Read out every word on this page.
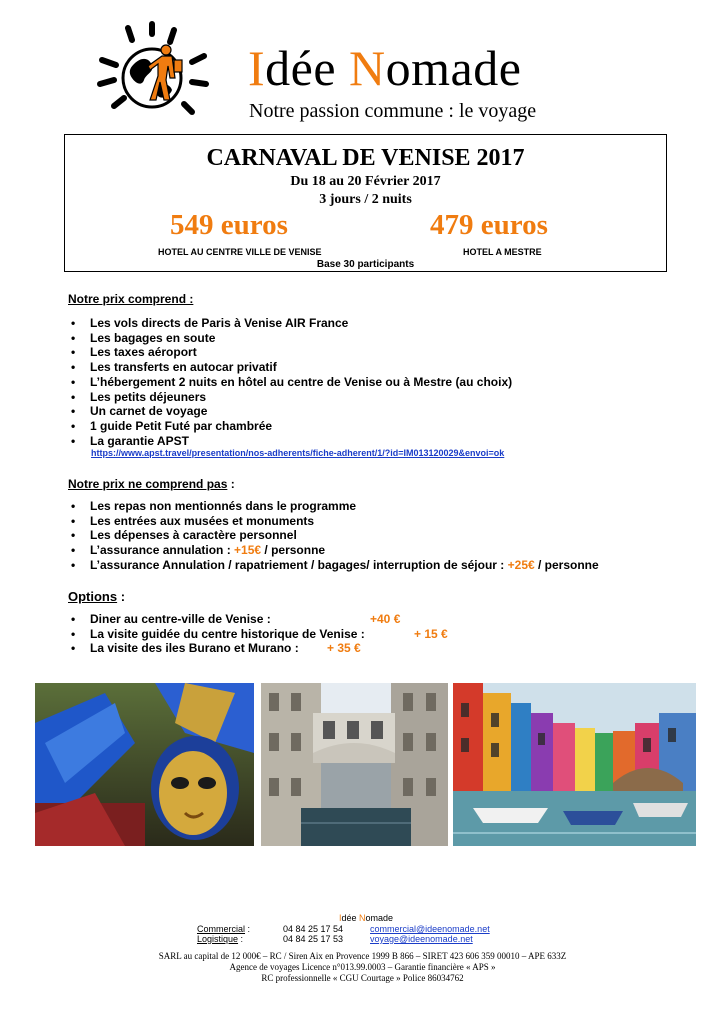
Idée Nomade
Notre passion commune : le voyage
CARNAVAL DE VENISE 2017
Du 18 au 20 Février 2017
3 jours / 2 nuits
549 euros	479 euros
HOTEL AU CENTRE VILLE DE VENISE	HOTEL A MESTRE
Base 30 participants
Notre prix comprend :
• Les vols directs de Paris à Venise AIR France
• Les bagages en soute
• Les taxes aéroport
• Les transferts en autocar privatif
• L’hébergement 2 nuits en hôtel au centre de Venise ou à Mestre (au choix)
• Les petits déjeuners
• Un carnet de voyage
• 1 guide Petit Futé par chambrée
• La garantie APST
https://www.apst.travel/presentation/nos-adherents/fiche-adherent/1/?id=IM013120029&envoi=ok
Notre prix ne comprend pas :
• Les repas non mentionnés dans le programme
• Les entrées aux musées et monuments
• Les dépenses à caractère personnel
• L’assurance annulation : +15€ / personne
• L’assurance Annulation / rapatriement / bagages/ interruption de séjour : +25€ / personne
Options :
• Diner au centre-ville de Venise :	+40 €
• La visite guidée du centre historique de Venise :	+ 15 €
• La visite des iles Burano et Murano : + 35 €
Idée Nomade
Commercial :	04 84 25 17 54	commercial@ideenomade.net
Logistique :	04 84 25 17 53	voyage@ideenomade.net
SARL au capital de 12 000€ – RC / Siren Aix en Provence 1999 B 866 – SIRET 423 606 359 00010 – APE 633Z
Agence de voyages Licence n°013.99.0003 – Garantie financière « APS »
RC professionnelle « CGU Courtage » Police 86034762
